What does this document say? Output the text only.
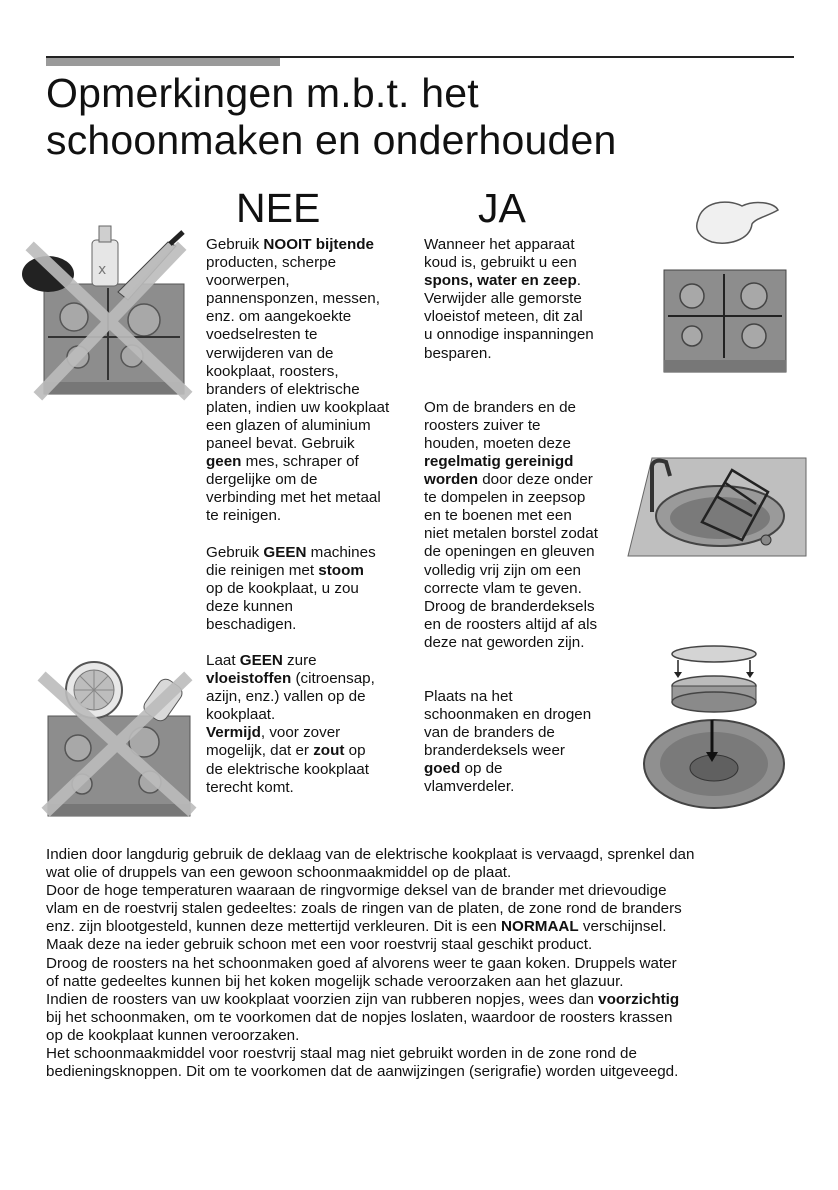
Opmerkingen m.b.t. het
schoonmaken en onderhouden
NEE	JA

Gebruik NOOIT bijtende
producten, scherpe
voorwerpen,
pannensponzen, messen,
enz. om aangekoekte
voedselresten te
verwijderen van de
kookplaat, roosters,
branders of elektrische
platen, indien uw kookplaat
een glazen of aluminium
paneel bevat. Gebruik
geen mes, schraper of
dergelijke om de
verbinding met het metaal
te reinigen.

Gebruik GEEN machines
die reinigen met stoom
op de kookplaat, u zou
deze kunnen
beschadigen.

Laat GEEN zure
vloeistoffen (citroensap,
azijn, enz.) vallen op de
kookplaat.
Vermijd, voor zover
mogelijk, dat er zout op
de elektrische kookplaat
terecht komt.

Wanneer het apparaat
koud is, gebruikt u een
spons, water en zeep.
Verwijder alle gemorste
vloeistof meteen, dit zal
u onnodige inspanningen
besparen.

Om de branders en de
roosters zuiver te
houden, moeten deze
regelmatig gereinigd
worden door deze onder
te dompelen in zeepsop
en te boenen met een
niet metalen borstel zodat
de openingen en gleuven
volledig vrij zijn om een
correcte vlam te geven.
Droog de branderdeksels
en de roosters altijd af als
deze nat geworden zijn.

Plaats na het
schoonmaken en drogen
van de branders de
branderdeksels weer
goed op de
vlamverdeler.

x

Indien door langdurig gebruik de deklaag van de elektrische kookplaat is vervaagd, sprenkel dan
wat olie of druppels van een gewoon schoonmaakmiddel op de plaat.
Door de hoge temperaturen waaraan de ringvormige deksel van de brander met drievoudige
vlam en de roestvrij stalen gedeeltes: zoals de ringen van de platen, de zone rond de branders
enz. zijn blootgesteld, kunnen deze mettertijd verkleuren. Dit is een NORMAAL verschijnsel.
Maak deze na ieder gebruik schoon met een voor roestvrij staal geschikt product.
Droog de roosters na het schoonmaken goed af alvorens weer te gaan koken. Druppels water
of natte gedeeltes kunnen bij het koken mogelijk schade veroorzaken aan het glazuur.
Indien de roosters van uw kookplaat voorzien zijn van rubberen nopjes, wees dan voorzichtig
bij het schoonmaken, om te voorkomen dat de nopjes loslaten, waardoor de roosters krassen
op de kookplaat kunnen veroorzaken.
Het schoonmaakmiddel voor roestvrij staal mag niet gebruikt worden in de zone rond de
bedieningsknoppen. Dit om te voorkomen dat de aanwijzingen (serigrafie) worden uitgeveegd.
